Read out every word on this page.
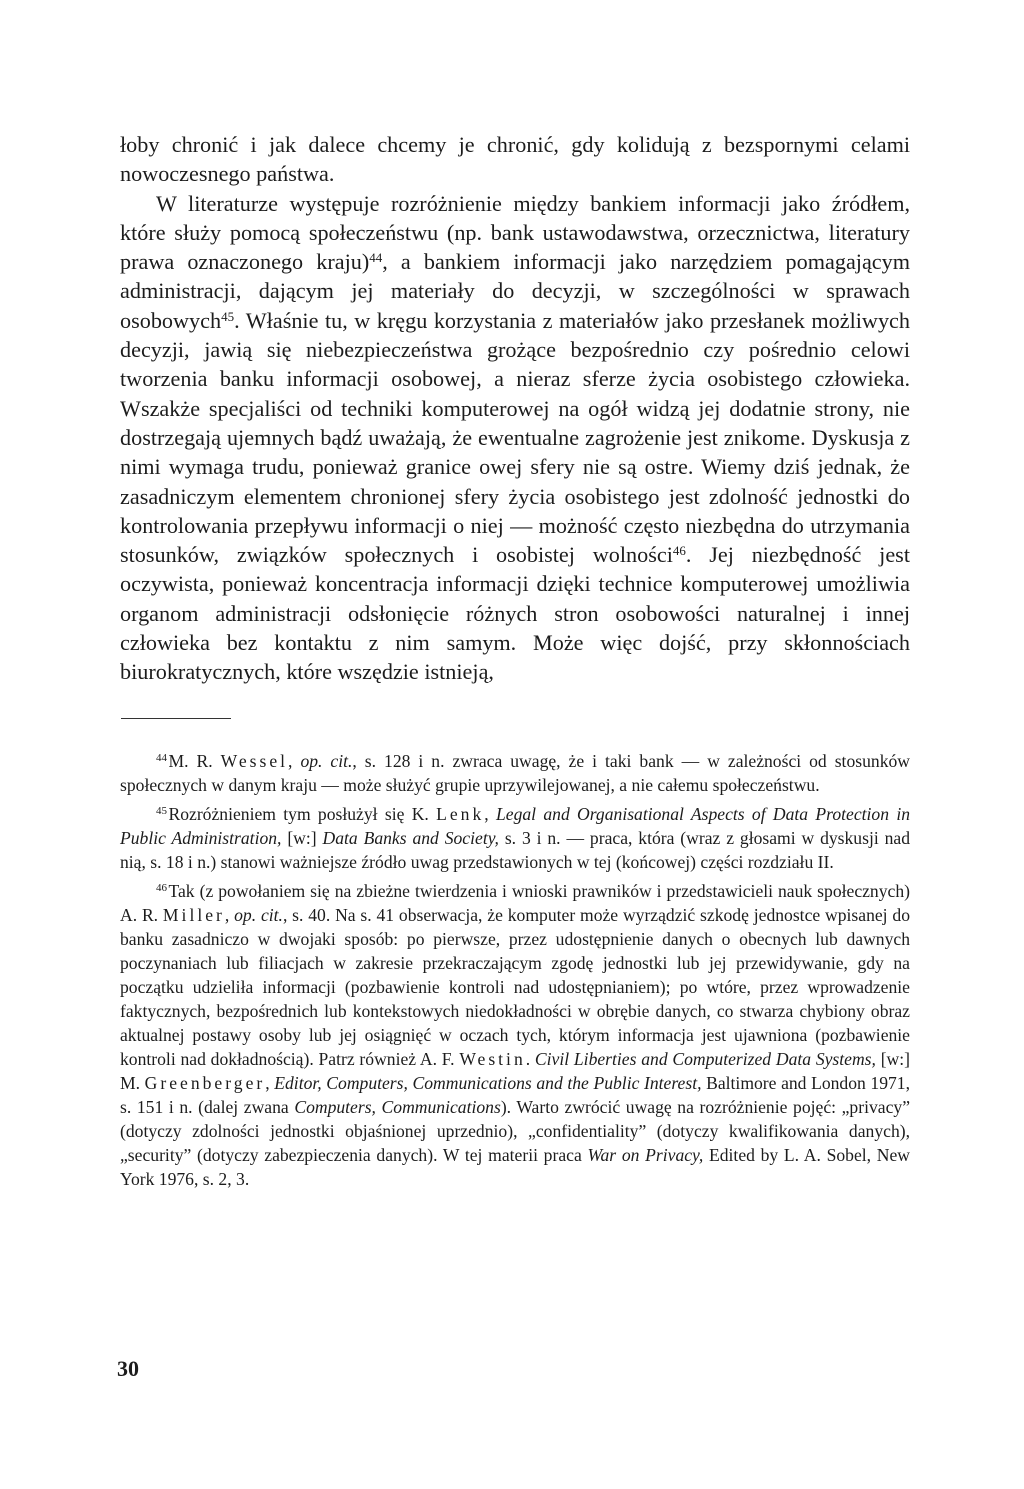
łoby chronić i jak dalece chcemy je chronić, gdy kolidują z bezspornymi celami nowoczesnego państwa.

W literaturze występuje rozróżnienie między bankiem informacji jako źródłem, które służy pomocą społeczeństwu (np. bank ustawodawstwa, orzecznictwa, literatury prawa oznaczonego kraju)$^{44}$, a bankiem informacji jako narzędziem pomagającym administracji, dającym jej materiały do decyzji, w szczególności w sprawach osobowych$^{45}$. Właśnie tu, w kręgu korzystania z materiałów jako przesłanek możliwych decyzji, jawią się niebezpieczeństwa grożące bezpośrednio czy pośrednio celowi tworzenia banku informacji osobowej, a nieraz sferze życia osobistego człowieka. Wszakże specjaliści od techniki komputerowej na ogół widzą jej dodatnie strony, nie dostrzegają ujemnych bądź uważają, że ewentualne zagrożenie jest znikome. Dyskusja z nimi wymaga trudu, ponieważ granice owej sfery nie są ostre. Wiemy dziś jednak, że zasadniczym elementem chronionej sfery życia osobistego jest zdolność jednostki do kontrolowania przepływu informacji o niej — możność często niezbędna do utrzymania stosunków, związków społecznych i osobistej wolności$^{46}$. Jej niezbędność jest oczywista, ponieważ koncentracja informacji dzięki technice komputerowej umożliwia organom administracji odsłonięcie różnych stron osobowości naturalnej i innej człowieka bez kontaktu z nim samym. Może więc dojść, przy skłonnościach biurokratycznych, które wszędzie istnieją,

$^{44}$ M. R. Wessel, op. cit., s. 128 i n. zwraca uwagę, że i taki bank — w zależności od stosunków społecznych w danym kraju — może służyć grupie uprzywilejowanej, a nie całemu społeczeństwu.

$^{45}$ Rozróżnieniem tym posłużył się K. Lenk, Legal and Organisational Aspects of Data Protection in Public Administration, [w:] Data Banks and Society, s. 3 i n. — praca, która (wraz z głosami w dyskusji nad nią, s. 18 i n.) stanowi ważniejsze źródło uwag przedstawionych w tej (końcowej) części rozdziału II.

$^{46}$ Tak (z powołaniem się na zbieżne twierdzenia i wnioski prawników i przedstawicieli nauk społecznych) A. R. Miller, op. cit., s. 40. Na s. 41 obserwacja, że komputer może wyrządzić szkodę jednostce wpisanej do banku zasadniczo w dwojaki sposób: po pierwsze, przez udostępnienie danych o obecnych lub dawnych poczynaniach lub filiacjach w zakresie przekraczającym zgodę jednostki lub jej przewidywanie, gdy na początku udzieliła informacji (pozbawienie kontroli nad udostępnianiem); po wtóre, przez wprowadzenie faktycznych, bezpośrednich lub kontekstowych niedokładności w obrębie danych, co stwarza chybiony obraz aktualnej postawy osoby lub jej osiągnięć w oczach tych, którym informacja jest ujawniona (pozbawienie kontroli nad dokładnością). Patrz również A. F. Westin. Civil Liberties and Computerized Data Systems, [w:] M. Greenberger, Editor, Computers, Communications and the Public Interest, Baltimore and London 1971, s. 151 i n. (dalej zwana Computers, Communications). Warto zwrócić uwagę na rozróżnienie pojęć: „privacy” (dotyczy zdolności jednostki objaśnionej uprzednio), „confidentiality” (dotyczy kwalifikowania danych), „security” (dotyczy zabezpieczenia danych). W tej materii praca War on Privacy, Edited by L. A. Sobel, New York 1976, s. 2, 3.

30
